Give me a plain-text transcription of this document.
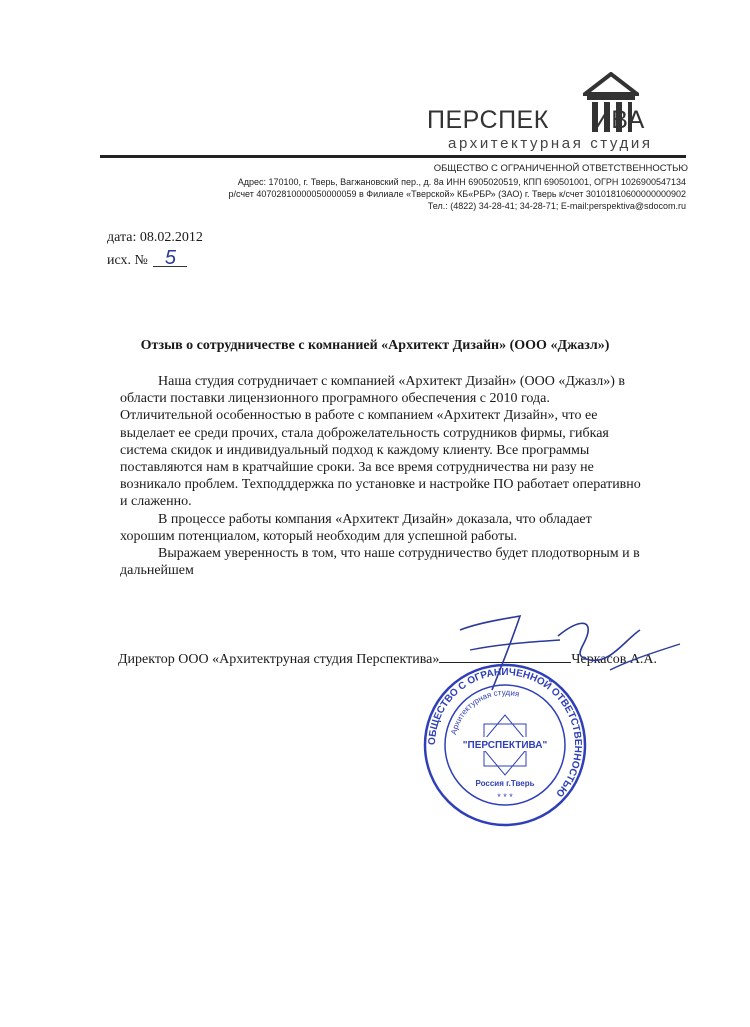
ПЕРСПЕК ИВА
архитектурная студия
ОБЩЕСТВО С ОГРАНИЧЕННОЙ ОТВЕТСТВЕННОСТЬЮ
Адрес: 170100, г. Тверь, Вагжановский пер., д. 8а ИНН 6905020519, КПП 690501001, ОГРН 1026900547134
р/счет 40702810000050000059 в Филиале «Тверской» КБ«РБР» (ЗАО) г. Тверь к/счет 30101810600000000902
Тел.: (4822) 34-28-41; 34-28-71; E-mail:perspektiva@sdocom.ru
дата: 08.02.2012
исх. № 5
Отзыв о сотрудничестве с комнанией «Архитект Дизайн» (ООО «Джазл»)

Наша студия сотрудничает с компанией «Архитект Дизайн» (ООО «Джазл») в области поставки лицензионного програмного обеспечения с 2010 года. Отличительной особенностью в работе с компанием «Архитект Дизайн», что ее выделает ее среди прочих, стала доброжелательность сотрудников фирмы, гибкая система скидок и индивидуальный подход к каждому клиенту. Все программы поставляются нам в кратчайшие сроки. За все время сотрудничества ни разу не возникало проблем. Техподддержка по установке и настройке ПО работает оперативно и слаженно.

В процессе работы компания «Архитект Дизайн» доказала, что обладает хорошим потенциалом, который необходим для успешной работы.

Выражаем уверенность в том, что наше сотрудничество будет плодотворным и в дальнейшем

Директор ООО «Архитектруная студия Перспектива»	Черкасов А.А.
ОБЩЕСТВО С ОГРАНИЧЕННОЙ ОТВЕТСТВЕННОСТЬЮ
Архитектурная студия
"ПЕРСПЕКТИВА"
Россия г.Тверь
* * *
